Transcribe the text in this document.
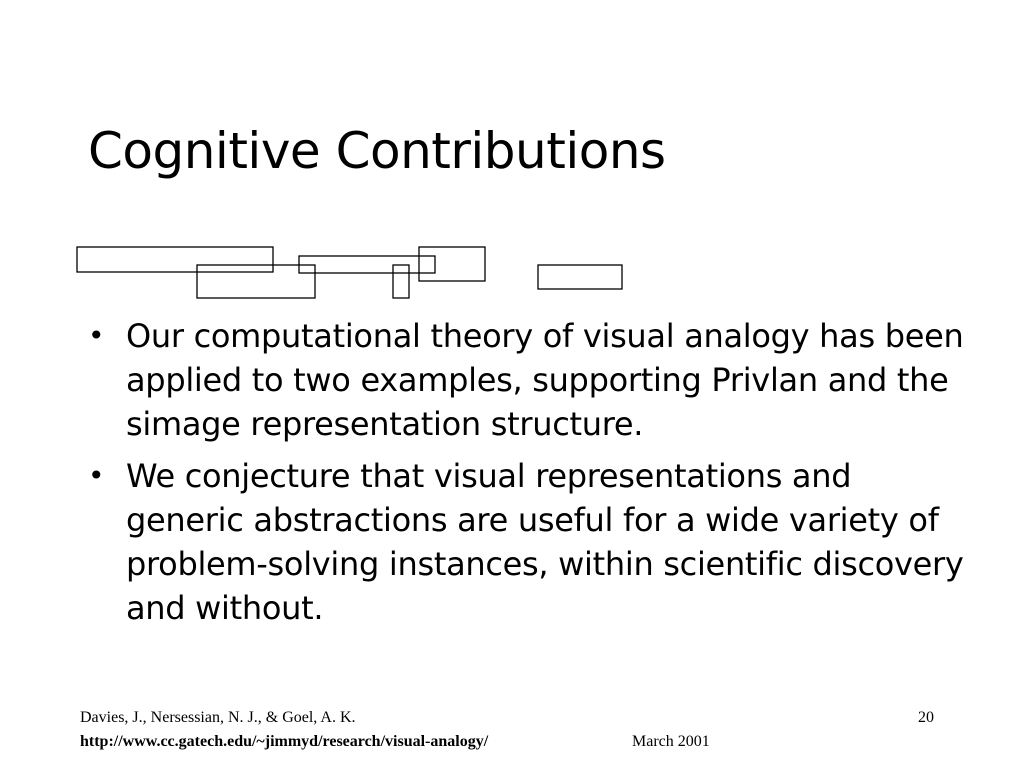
Cognitive Contributions
• Our computational theory of visual analogy has been applied to two examples, supporting Privlan and the simage representation structure.
• We conjecture that visual representations and generic abstractions are useful for a wide variety of problem-solving instances, within scientific discovery and without.
Davies, J., Nersessian, N. J., & Goel, A. K.
http://www.cc.gatech.edu/~jimmyd/research/visual-analogy/	March 2001
20
